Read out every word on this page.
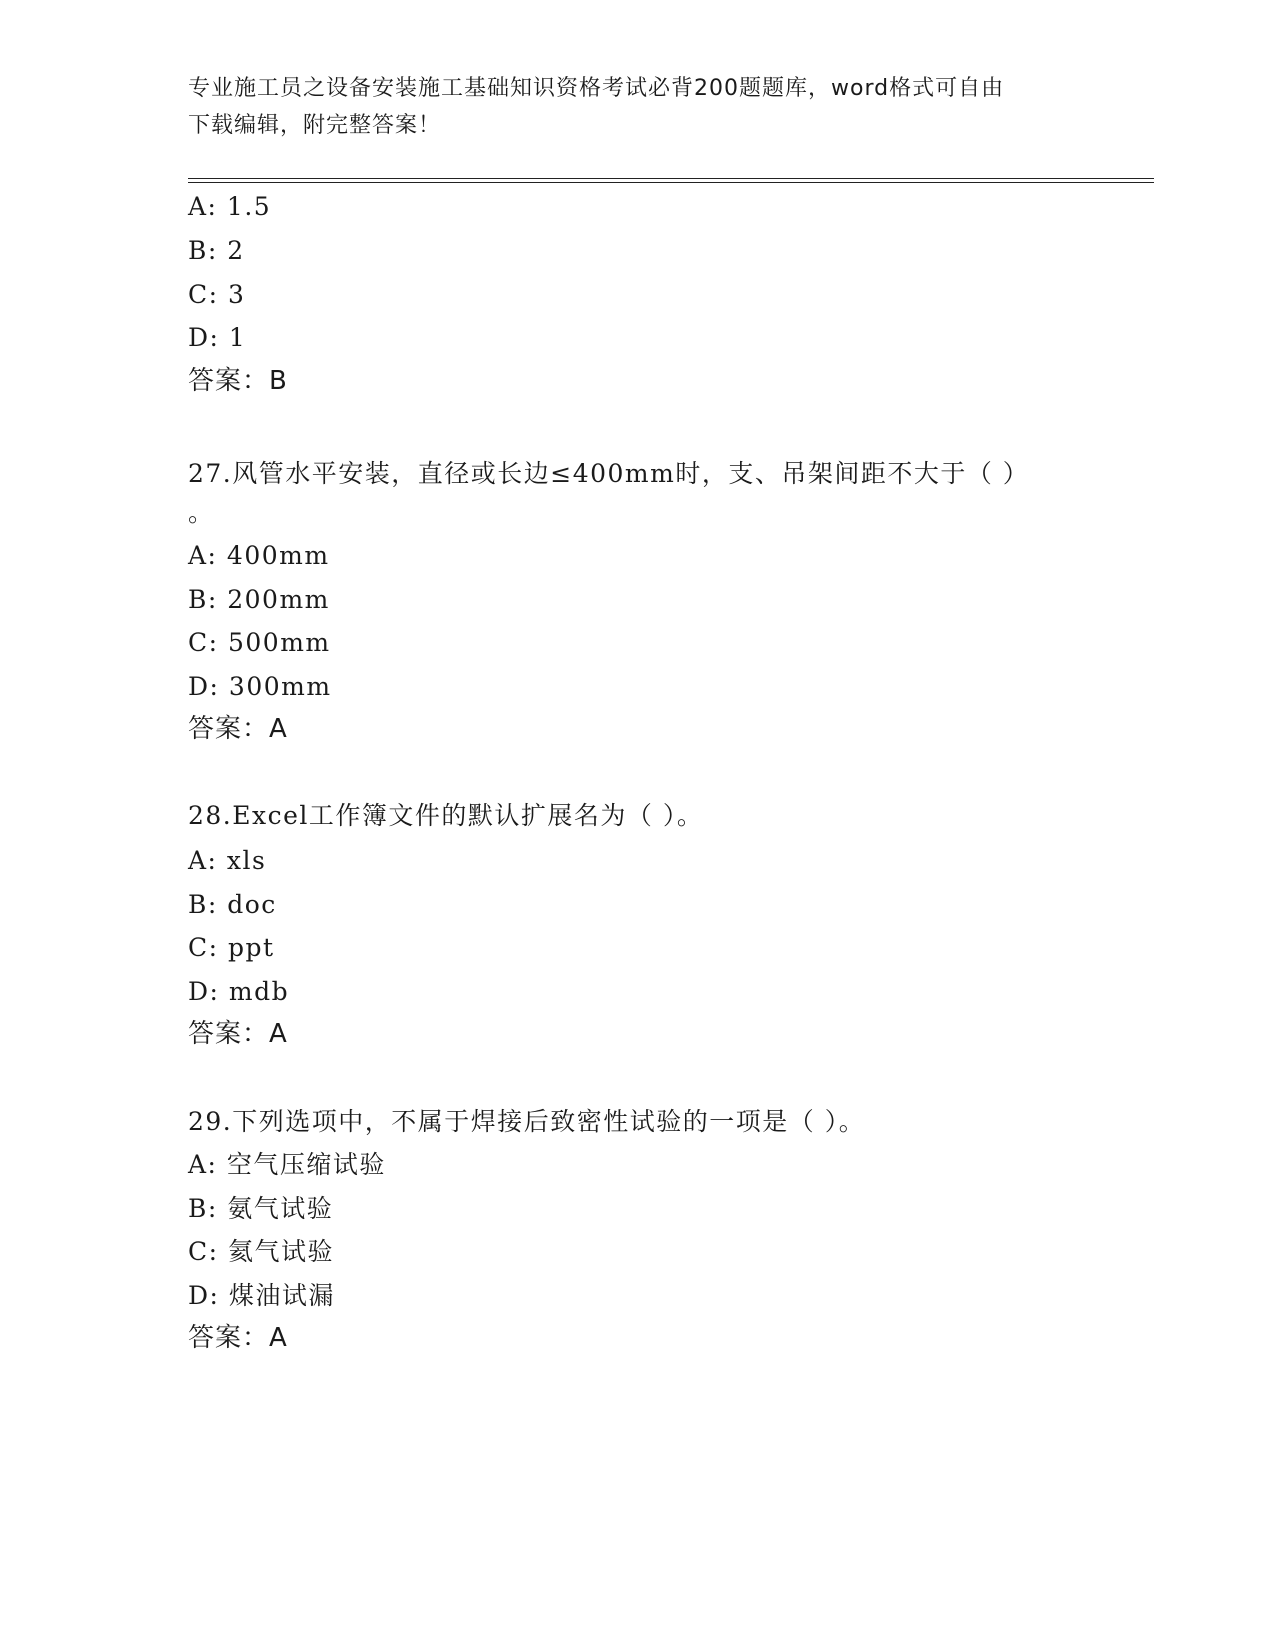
专业施工员之设备安装施工基础知识资格考试必背200题题库，word格式可自由
下载编辑，附完整答案！
A: 1.5
B: 2
C: 3
D: 1
答案：B
27.风管水平安装，直径或长边≤400mm时，支、吊架间距不大于（ ）
。
A: 400mm
B: 200mm
C: 500mm
D: 300mm
答案：A
28.Excel工作簿文件的默认扩展名为（ ）。
A: xls
B: doc
C: ppt
D: mdb
答案：A
29.下列选项中，不属于焊接后致密性试验的一项是（ ）。
A: 空气压缩试验
B: 氨气试验
C: 氦气试验
D: 煤油试漏
答案：A
